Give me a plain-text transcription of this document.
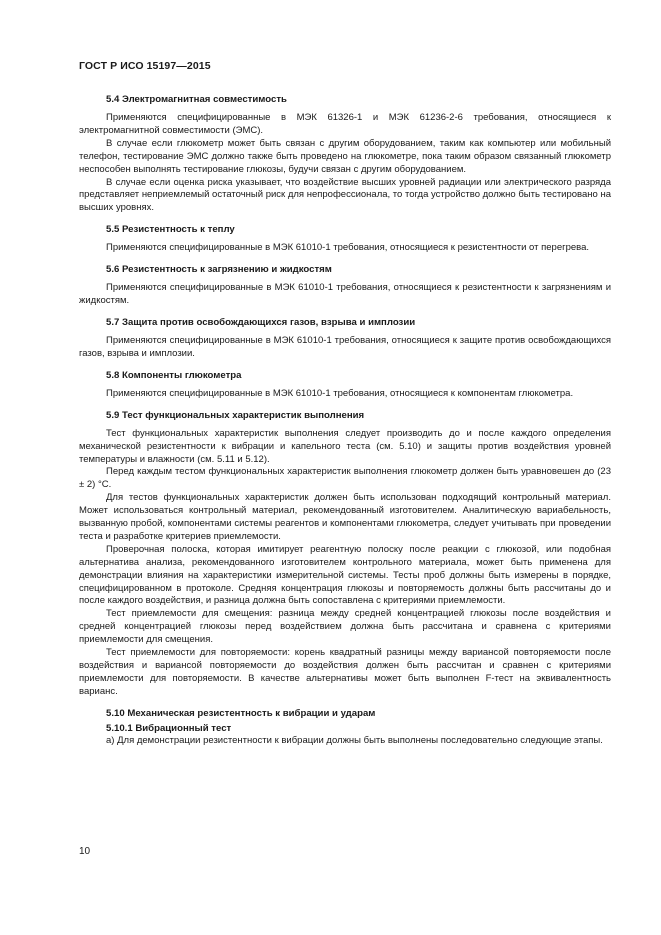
ГОСТ Р ИСО 15197—2015
5.4 Электромагнитная совместимость

Применяются специфицированные в МЭК 61326-1 и МЭК 61236-2-6 требования, относящиеся к электромагнитной совместимости (ЭМС).

В случае если глюкометр может быть связан с другим оборудованием, таким как компьютер или мобильный телефон, тестирование ЭМС должно также быть проведено на глюкометре, пока таким образом связанный глюкометр неспособен выполнять тестирование глюкозы, будучи связан с другим оборудованием.

В случае если оценка риска указывает, что воздействие высших уровней радиации или электрического разряда представляет неприемлемый остаточный риск для непрофессионала, то тогда устройство должно быть тестировано на высших уровнях.

5.5 Резистентность к теплу

Применяются специфицированные в МЭК 61010-1 требования, относящиеся к резистентности от перегрева.

5.6 Резистентность к загрязнению и жидкостям

Применяются специфицированные в МЭК 61010-1 требования, относящиеся к резистентности к загрязнениям и жидкостям.

5.7 Защита против освобождающихся газов, взрыва и имплозии

Применяются специфицированные в МЭК 61010-1 требования, относящиеся к защите против освобождающихся газов, взрыва и имплозии.

5.8 Компоненты глюкометра

Применяются специфицированные в МЭК 61010-1 требования, относящиеся к компонентам глюкометра.

5.9 Тест функциональных характеристик выполнения

Тест функциональных характеристик выполнения следует производить до и после каждого определения механической резистентности к вибрации и капельного теста (см. 5.10) и защиты против воздействия уровней температуры и влажности (см. 5.11 и 5.12).

Перед каждым тестом функциональных характеристик выполнения глюкометр должен быть уравновешен до (23 ± 2) °С.

Для тестов функциональных характеристик должен быть использован подходящий контрольный материал. Может использоваться контрольный материал, рекомендованный изготовителем. Аналитическую вариабельность, вызванную пробой, компонентами системы реагентов и компонентами глюкометра, следует учитывать при проведении теста и разработке критериев приемлемости.

Проверочная полоска, которая имитирует реагентную полоску после реакции с глюкозой, или подобная альтернатива анализа, рекомендованного изготовителем контрольного материала, может быть применена для демонстрации влияния на характеристики измерительной системы. Тесты проб должны быть измерены в порядке, специфицированном в протоколе. Средняя концентрация глюкозы и повторяемость должны быть рассчитаны до и после каждого воздействия, и разница должна быть сопоставлена с критериями приемлемости.

Тест приемлемости для смещения: разница между средней концентрацией глюкозы после воздействия и средней концентрацией глюкозы перед воздействием должна быть рассчитана и сравнена с критериями приемлемости для смещения.

Тест приемлемости для повторяемости: корень квадратный разницы между вариансой повторяемости после воздействия и вариансой повторяемости до воздействия должен быть рассчитан и сравнен с критериями приемлемости для повторяемости. В качестве альтернативы может быть выполнен F-тест на эквивалентность варианс.

5.10 Механическая резистентность к вибрации и ударам
5.10.1 Вибрационный тест

а) Для демонстрации резистентности к вибрации должны быть выполнены последовательно следующие этапы.

10
